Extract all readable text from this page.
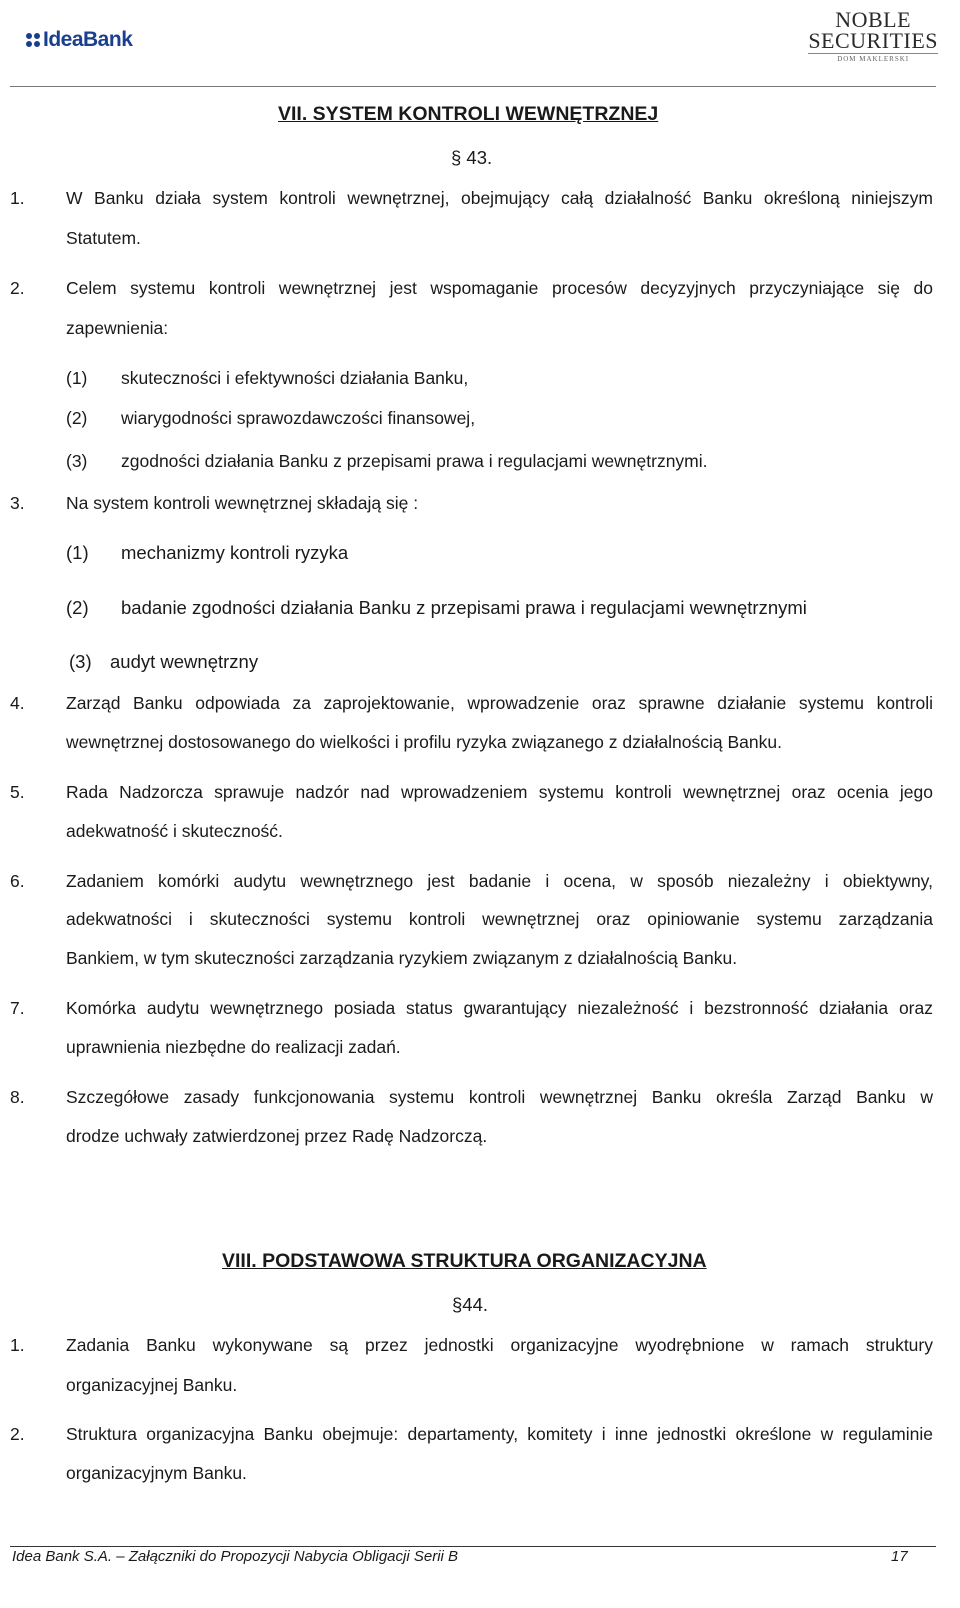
IdeaBank
NOBLE
SECURITIES
DOM MAKLERSKI
VII. SYSTEM KONTROLI WEWNĘTRZNEJ
§ 43.
1. W Banku działa system kontroli wewnętrznej, obejmujący całą działalność Banku określoną niniejszym
Statutem.
2. Celem systemu kontroli wewnętrznej jest wspomaganie procesów decyzyjnych przyczyniające się do
zapewnienia:
(1) skuteczności i efektywności działania Banku,
(2) wiarygodności sprawozdawczości finansowej,
(3) zgodności działania Banku z przepisami prawa i regulacjami wewnętrznymi.
3. Na system kontroli wewnętrznej składają się :
(1) mechanizmy kontroli ryzyka
(2) badanie zgodności działania Banku z przepisami prawa i regulacjami wewnętrznymi
(3) audyt wewnętrzny
4. Zarząd Banku odpowiada za zaprojektowanie, wprowadzenie oraz sprawne działanie systemu kontroli
wewnętrznej dostosowanego do wielkości i profilu ryzyka związanego z działalnością Banku.
5. Rada Nadzorcza sprawuje nadzór nad wprowadzeniem systemu kontroli wewnętrznej oraz ocenia jego
adekwatność i skuteczność.
6. Zadaniem komórki audytu wewnętrznego jest badanie i ocena, w sposób niezależny i obiektywny,
adekwatności i skuteczności systemu kontroli wewnętrznej oraz opiniowanie systemu zarządzania
Bankiem, w tym skuteczności zarządzania ryzykiem związanym z działalnością Banku.
7. Komórka audytu wewnętrznego posiada status gwarantujący niezależność i bezstronność działania oraz
uprawnienia niezbędne do realizacji zadań.
8. Szczegółowe zasady funkcjonowania systemu kontroli wewnętrznej Banku określa Zarząd Banku w
drodze uchwały zatwierdzonej przez Radę Nadzorczą.
VIII. PODSTAWOWA STRUKTURA ORGANIZACYJNA
§44.
1. Zadania Banku wykonywane są przez jednostki organizacyjne wyodrębnione w ramach struktury
organizacyjnej Banku.
2. Struktura organizacyjna Banku obejmuje: departamenty, komitety i inne jednostki określone w regulaminie
organizacyjnym Banku.
Idea Bank S.A. – Załączniki do Propozycji Nabycia Obligacji Serii B	17
